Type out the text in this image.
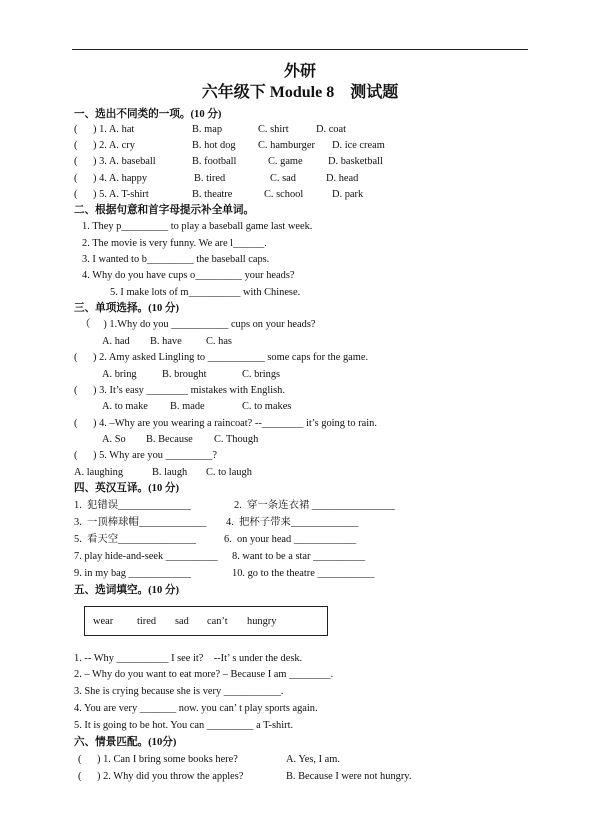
外研
六年级下 Module 8    测试题
一、选出不同类的一项。(10 分)
(      ) 1. A. hat	B. map	C. shirt	D. coat
(      ) 2. A. cry	B. hot dog C. hamburger D. ice cream
(      ) 3. A. baseball	B. football	C. game D. basketball
(      ) 4. A. happy	B. tired	C. sad	D. head
(      ) 5. A. T-shirt	B. theatre	C. school	D. park
二、根据句意和首字母提示补全单词。
1. They p_________ to play a baseball game last week.
2. The movie is very funny. We are l______.
3. I wanted to b_________ the baseball caps.
4. Why do you have cups o_________ your heads?
5. I make lots of m__________ with Chinese.
三、单项选择。(10 分)
（     ) 1.Why do you ___________ cups on your heads?
A. had B. have C. has
(      ) 2. Amy asked Lingling to ___________ some caps for the game.
A. bring B. brought	C. brings
(      ) 3. It’s easy ________ mistakes with English.
A. to make B. made	C. to makes
(      ) 4. –Why are you wearing a raincoat? --________ it’s going to rain.
A. So B. Because C. Though
(      ) 5. Why are you _________?
A. laughing	B. laugh C. to laugh
四、英汉互译。(10 分)
1.  犯错误______________	2.  穿一条连衣裙 ________________
3.  一顶棒球帽_____________ 4.  把杯子带来_____________
5.  看天空_______________	6.  on your head ____________
7. play hide-and-seek __________ 8. want to be a star __________
9. in my bag ____________	10. go to the theatre ___________
五、选词填空。(10 分)
wear tired sad can’t hungry
1. -- Why __________ I see it?    --It’ s under the desk.
2. – Why do you want to eat more? – Because I am ________.
3. She is crying because she is very ___________.
4. You are very _______ now. you can’ t play sports again.
5. It is going to be hot. You can _________ a T-shirt.
六、情景匹配。(10分)
(      ) 1. Can I bring some books here?	A. Yes, I am.
(      ) 2. Why did you throw the apples?	B. Because I were not hungry.
